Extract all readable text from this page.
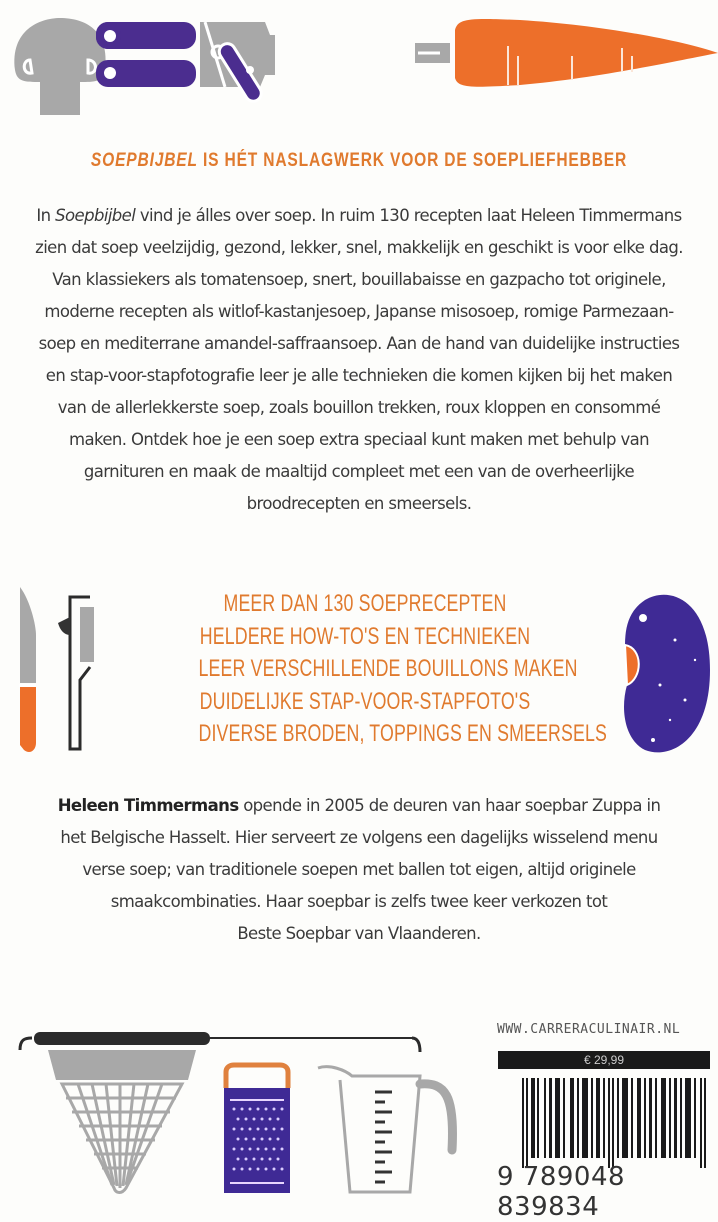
SOEPBIJBEL IS HÉT NASLAGWERK VOOR DE SOEPLIEFHEBBER

In Soepbijbel vind je álles over soep. In ruim 130 recepten laat Heleen Timmermans

zien dat soep veelzijdig, gezond, lekker, snel, makkelijk en geschikt is voor elke dag.

Van klassiekers als tomatensoep, snert, bouillabaisse en gazpacho tot originele,

moderne recepten als witlof-kastanjesoep, Japanse misosoep, romige Parmezaan-

soep en mediterrane amandel-saffraansoep. Aan de hand van duidelijke instructies

en stap-voor-stapfotografie leer je alle technieken die komen kijken bij het maken

van de allerlekkerste soep, zoals bouillon trekken, roux kloppen en consommé

maken. Ontdek hoe je een soep extra speciaal kunt maken met behulp van

garnituren en maak de maaltijd compleet met een van de overheerlijke

broodrecepten en smeersels.

MEER DAN 130 SOEPRECEPTEN
HELDERE HOW-TO'S EN TECHNIEKEN
LEER VERSCHILLENDE BOUILLONS MAKEN
DUIDELIJKE STAP-VOOR-STAPFOTO'S
DIVERSE BRODEN, TOPPINGS EN SMEERSELS

Heleen Timmermans opende in 2005 de deuren van haar soepbar Zuppa in

het Belgische Hasselt. Hier serveert ze volgens een dagelijks wisselend menu

verse soep; van traditionele soepen met ballen tot eigen, altijd originele

smaakcombinaties. Haar soepbar is zelfs twee keer verkozen tot

Beste Soepbar van Vlaanderen.

WWW.CARRERACULINAIR.NL
€ 29,99
9 789048 839834
